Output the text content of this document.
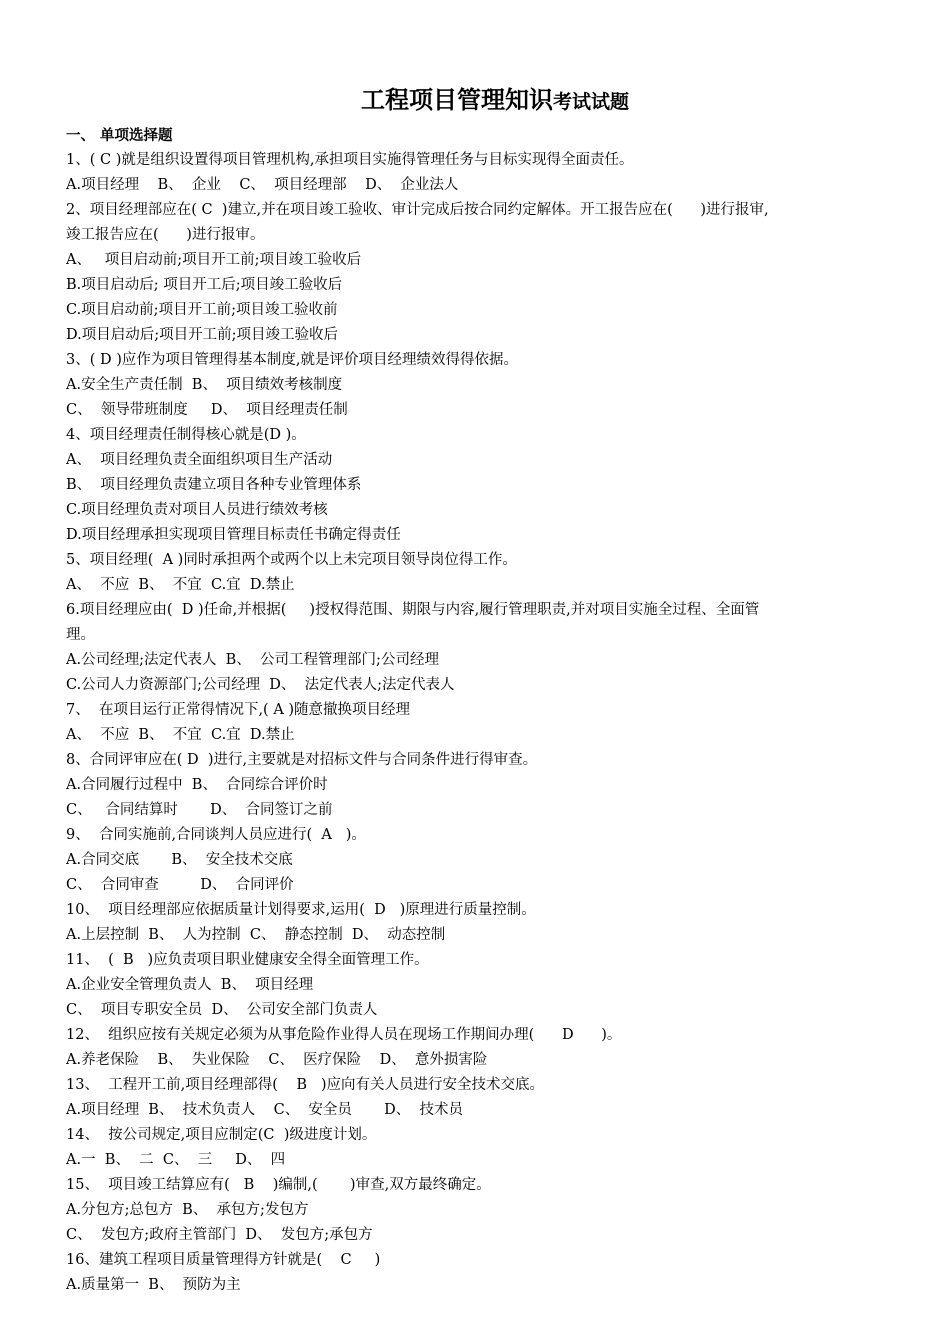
工程项目管理知识考试试题
一、 单项选择题
1、( C )就是组织设置得项目管理机构,承担项目实施得管理任务与目标实现得全面责任。
A.项目经理    B、  企业    C、  项目经理部    D、  企业法人
2、项目经理部应在( C  )建立,并在项目竣工验收、审计完成后按合同约定解体。开工报告应在(      )进行报审,
竣工报告应在(      )进行报审。
A、   项目启动前;项目开工前;项目竣工验收后
B.项目启动后; 项目开工后;项目竣工验收后
C.项目启动前;项目开工前;项目竣工验收前
D.项目启动后;项目开工前;项目竣工验收后
3、( D )应作为项目管理得基本制度,就是评价项目经理绩效得得依据。
A.安全生产责任制  B、  项目绩效考核制度
C、  领导带班制度     D、  项目经理责任制
4、项目经理责任制得核心就是(D )。
A、  项目经理负责全面组织项目生产活动
B、  项目经理负责建立项目各种专业管理体系
C.项目经理负责对项目人员进行绩效考核
D.项目经理承担实现项目管理目标责任书确定得责任
5、项目经理(  A )同时承担两个或两个以上未完项目领导岗位得工作。
A、  不应  B、  不宜  C.宜  D.禁止
6.项目经理应由(  D )任命,并根据(     )授权得范围、期限与内容,履行管理职责,并对项目实施全过程、全面管
理。
A.公司经理;法定代表人  B、  公司工程管理部门;公司经理
C.公司人力资源部门;公司经理  D、  法定代表人;法定代表人
7、  在项目运行正常得情况下,( A )随意撤换项目经理
A、  不应  B、  不宜  C.宜  D.禁止
8、合同评审应在( D  )进行,主要就是对招标文件与合同条件进行得审查。
A.合同履行过程中  B、  合同综合评价时
C、   合同结算时       D、  合同签订之前
9、  合同实施前,合同谈判人员应进行(  A   )。
A.合同交底       B、  安全技术交底
C、  合同审查         D、  合同评价
10、  项目经理部应依据质量计划得要求,运用(  D   )原理进行质量控制。
A.上层控制  B、  人为控制  C、  静态控制  D、  动态控制
11、  (  B   )应负责项目职业健康安全得全面管理工作。
A.企业安全管理负责人  B、  项目经理
C、  项目专职安全员  D、  公司安全部门负责人
12、  组织应按有关规定必须为从事危险作业得人员在现场工作期间办理(      D      )。
A.养老保险    B、  失业保险    C、  医疗保险    D、  意外损害险
13、  工程开工前,项目经理部得(    B   )应向有关人员进行安全技术交底。
A.项目经理  B、  技术负责人    C、  安全员       D、  技术员
14、  按公司规定,项目应制定(C  )级进度计划。
A.一  B、  二  C、  三     D、  四
15、  项目竣工结算应有(   B    )编制,(       )审查,双方最终确定。
A.分包方;总包方  B、  承包方;发包方
C、  发包方;政府主管部门  D、  发包方;承包方
16、建筑工程项目质量管理得方针就是(    C     )
A.质量第一  B、  预防为主
